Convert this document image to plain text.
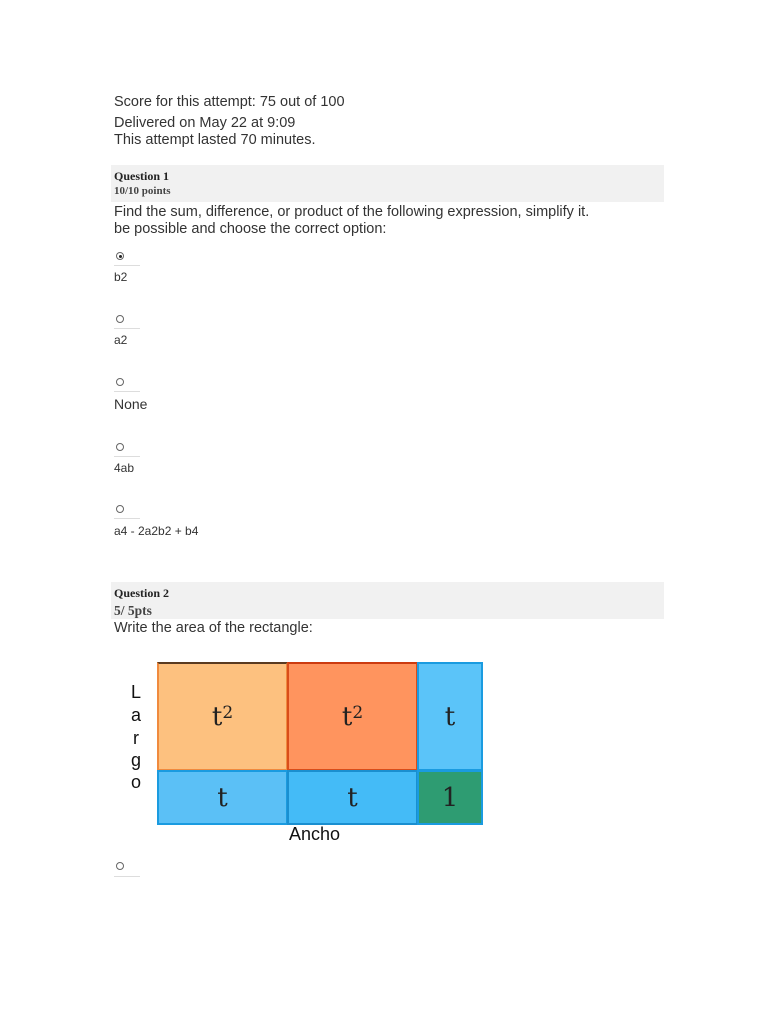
Score for this attempt: 75 out of 100
Delivered on May 22 at 9:09
This attempt lasted 70 minutes.
Question 1
10/10 points
Find the sum, difference, or product of the following expression, simplify it.
be possible and choose the correct option:
b2
a2
None
4ab
a4 - 2a2b2 + b4
Question 2
5/ 5pts
Write the area of the rectangle:
L
a
r
g
o
$t^2$	$t^2$	t
t	t	1
Ancho
